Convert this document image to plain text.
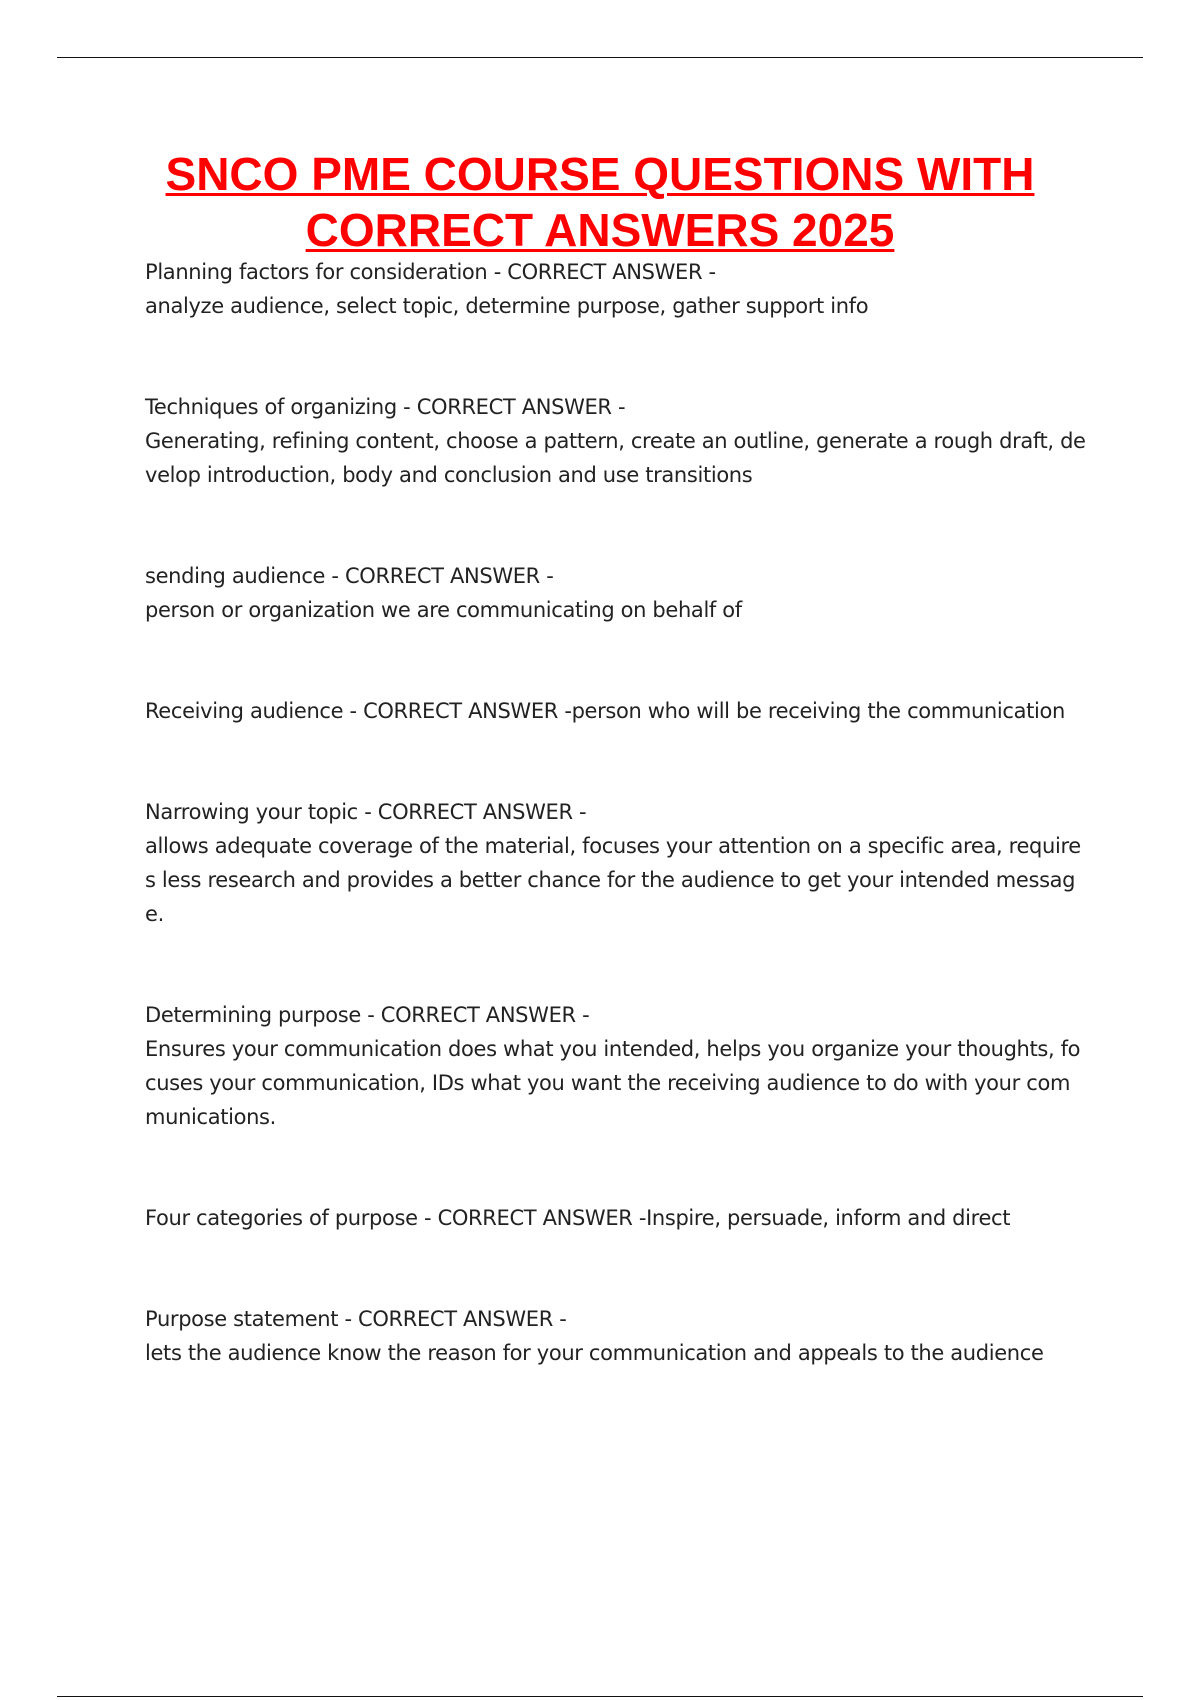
SNCO PME COURSE QUESTIONS WITH
CORRECT ANSWERS 2025
Planning factors for consideration - CORRECT ANSWER -
analyze audience, select topic, determine purpose, gather support info
Techniques of organizing - CORRECT ANSWER -
Generating, refining content, choose a pattern, create an outline, generate a rough draft, develop introduction, body and conclusion and use transitions
sending audience - CORRECT ANSWER -
person or organization we are communicating on behalf of
Receiving audience - CORRECT ANSWER -person who will be receiving the communication
Narrowing your topic - CORRECT ANSWER -
allows adequate coverage of the material, focuses your attention on a specific area, requires less research and provides a better chance for the audience to get your intended message.
Determining purpose - CORRECT ANSWER -
Ensures your communication does what you intended, helps you organize your thoughts, focuses your communication, IDs what you want the receiving audience to do with your communications.
Four categories of purpose - CORRECT ANSWER -Inspire, persuade, inform and direct
Purpose statement - CORRECT ANSWER -
lets the audience know the reason for your communication and appeals to the audience
